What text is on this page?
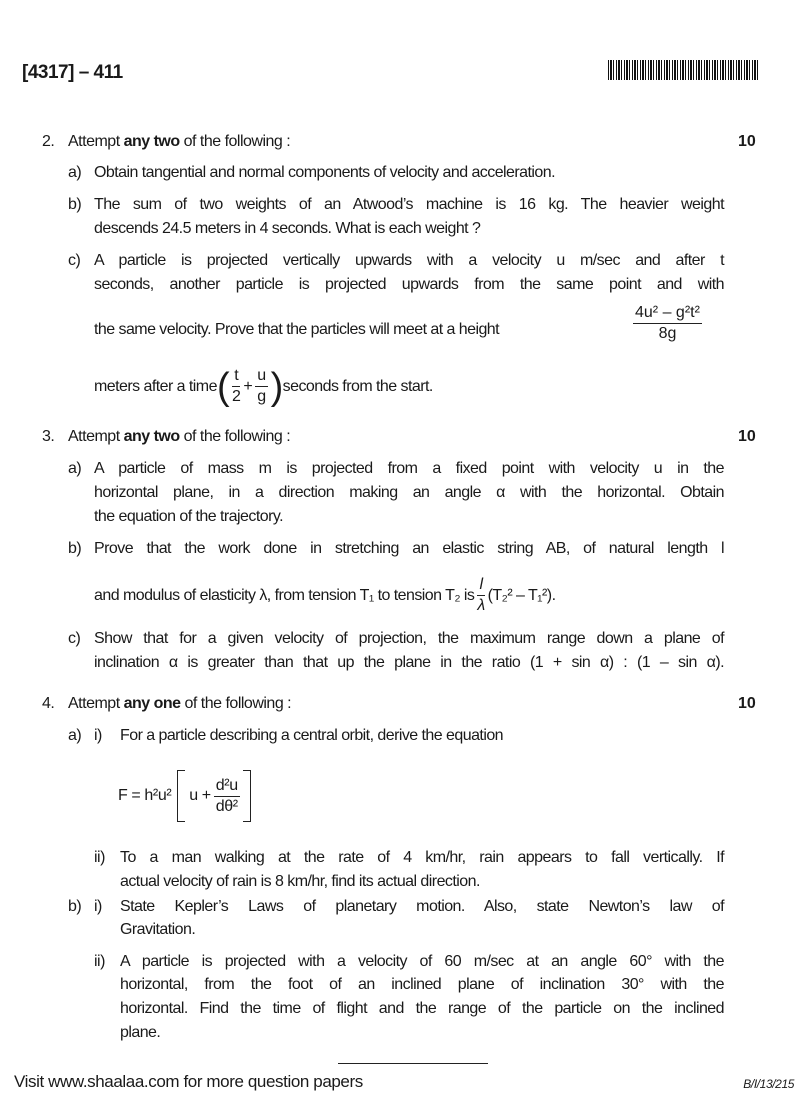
[4317] – 411
2. Attempt any two of the following :	10
a) Obtain tangential and normal components of velocity and acceleration.
b) The sum of two weights of an Atwood’s machine is 16 kg. The heavier weight
descends 24.5 meters in 4 seconds. What is each weight ?
c) A particle is projected vertically upwards with a velocity u m/sec and after t
seconds, another particle is projected upwards from the same point and with
the same velocity. Prove that the particles will meet at a height	$\frac{\text{4u² – g²t²}}{8g}$
meters after a time ( $\frac{t}{2} + \frac{u}{g}$ ) seconds from the start.
3. Attempt any two of the following :	10
a) A particle of mass m is projected from a fixed point with velocity u in the
horizontal plane, in a direction making an angle α with the horizontal. Obtain
the equation of the trajectory.
b) Prove that the work done in stretching an elastic string AB, of natural length l
and modulus of elasticity λ, from tension T₁ to tension T₂ is $\frac{l}{\lambda} (T_2^2 - T_1^2)$.
c) Show that for a given velocity of projection, the maximum range down a plane of
inclination α is greater than that up the plane in the ratio (1 + sin α) : (1 – sin α).
4. Attempt any one of the following :	10
a) i) For a particle describing a central orbit, derive the equation
F = h²u² $u + \frac{\text{d²u}}{\text{dθ²}}$
ii) To a man walking at the rate of 4 km/hr, rain appears to fall vertically. If
actual velocity of rain is 8 km/hr, find its actual direction.
b) i) State Kepler’s Laws of planetary motion. Also, state Newton’s law of
Gravitation.
ii) A particle is projected with a velocity of 60 m/sec at an angle 60° with the
horizontal, from the foot of an inclined plane of inclination 30° with the
horizontal. Find the time of flight and the range of the particle on the inclined
plane.
Visit www.shaalaa.com for more question papers	B/I/13/215
